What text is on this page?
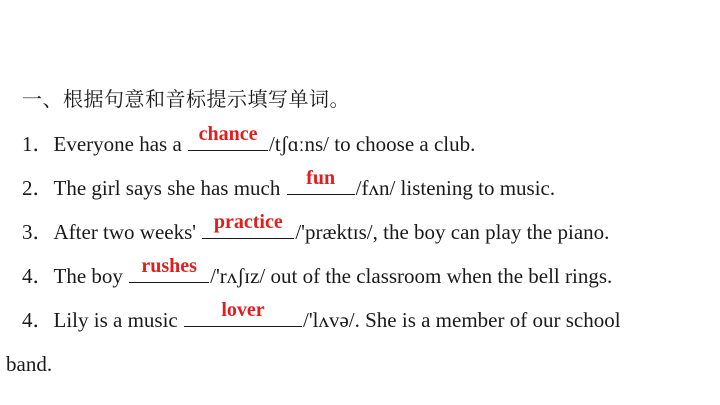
一、根据句意和音标提示填写单词。
1．Everyone has a chance /tʃɑːns/ to choose a club.
2．The girl says she has much	fun /fʌn/ listening to music.
3．After two weeks' practice /'præktɪs/, the boy can play the piano.
4．The boy rushes /'rʌʃɪz/ out of the classroom when the bell rings.
4．Lily is a music	lover	/'lʌvə/. She is a member of our school
band.
